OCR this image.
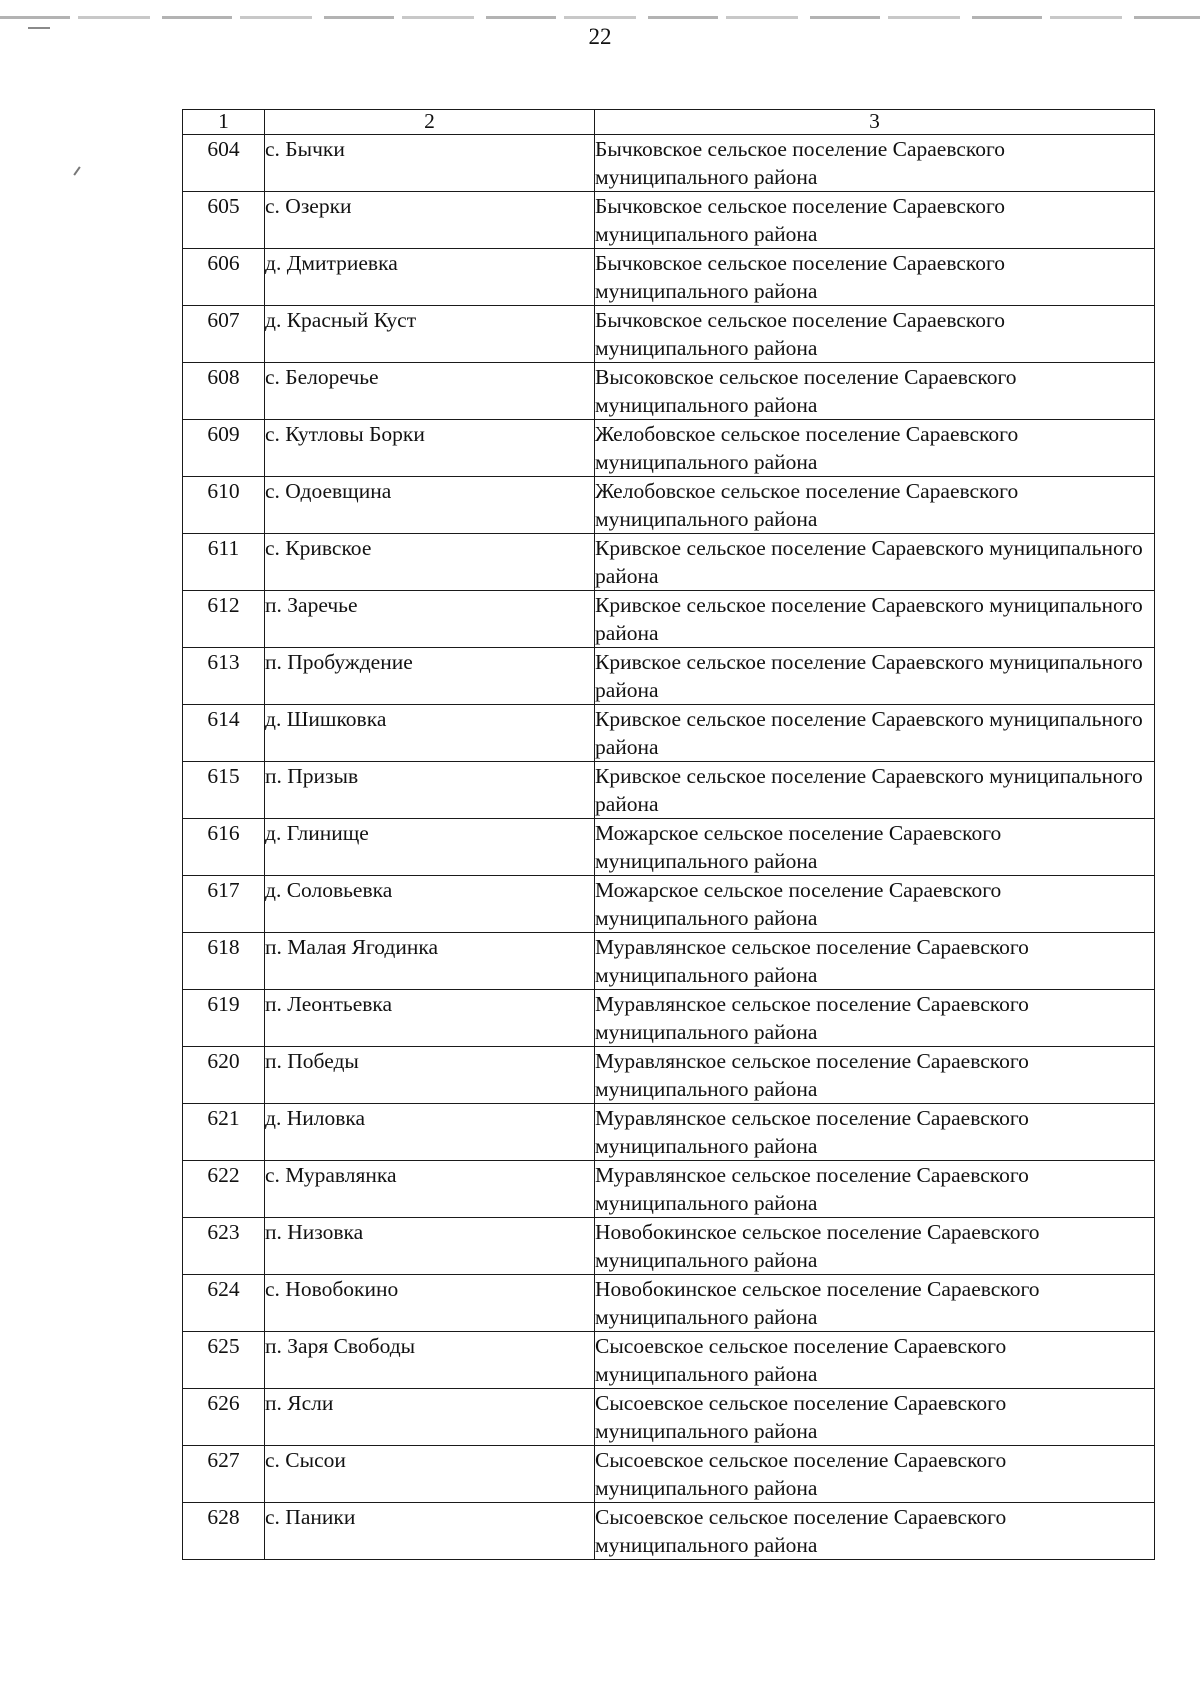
22
1	2	3
604	с. Бычки	Бычковское сельское поселение Сараевского муниципального района
605	с. Озерки	Бычковское сельское поселение Сараевского муниципального района
606	д. Дмитриевка	Бычковское сельское поселение Сараевского муниципального района
607	д. Красный Куст	Бычковское сельское поселение Сараевского муниципального района
608	с. Белоречье	Высоковское сельское поселение Сараевского муниципального района
609	с. Кутловы Борки	Желобовское сельское поселение Сараевского муниципального района
610	с. Одоевщина	Желобовское сельское поселение Сараевского муниципального района
611	с. Кривское	Кривское сельское поселение Сараевского муниципального района
612	п. Заречье	Кривское сельское поселение Сараевского муниципального района
613	п. Пробуждение	Кривское сельское поселение Сараевского муниципального района
614	д. Шишковка	Кривское сельское поселение Сараевского муниципального района
615	п. Призыв	Кривское сельское поселение Сараевского муниципального района
616	д. Глинище	Можарское сельское поселение Сараевского муниципального района
617	д. Соловьевка	Можарское сельское поселение Сараевского муниципального района
618	п. Малая Ягодинка	Муравлянское сельское поселение Сараевского муниципального района
619	п. Леонтьевка	Муравлянское сельское поселение Сараевского муниципального района
620	п. Победы	Муравлянское сельское поселение Сараевского муниципального района
621	д. Ниловка	Муравлянское сельское поселение Сараевского муниципального района
622	с. Муравлянка	Муравлянское сельское поселение Сараевского муниципального района
623	п. Низовка	Новобокинское сельское поселение Сараевского муниципального района
624	с. Новобокино	Новобокинское сельское поселение Сараевского муниципального района
625	п. Заря Свободы	Сысоевское сельское поселение Сараевского муниципального района
626	п. Ясли	Сысоевское сельское поселение Сараевского муниципального района
627	с. Сысои	Сысоевское сельское поселение Сараевского муниципального района
628	с. Паники	Сысоевское сельское поселение Сараевского муниципального района
